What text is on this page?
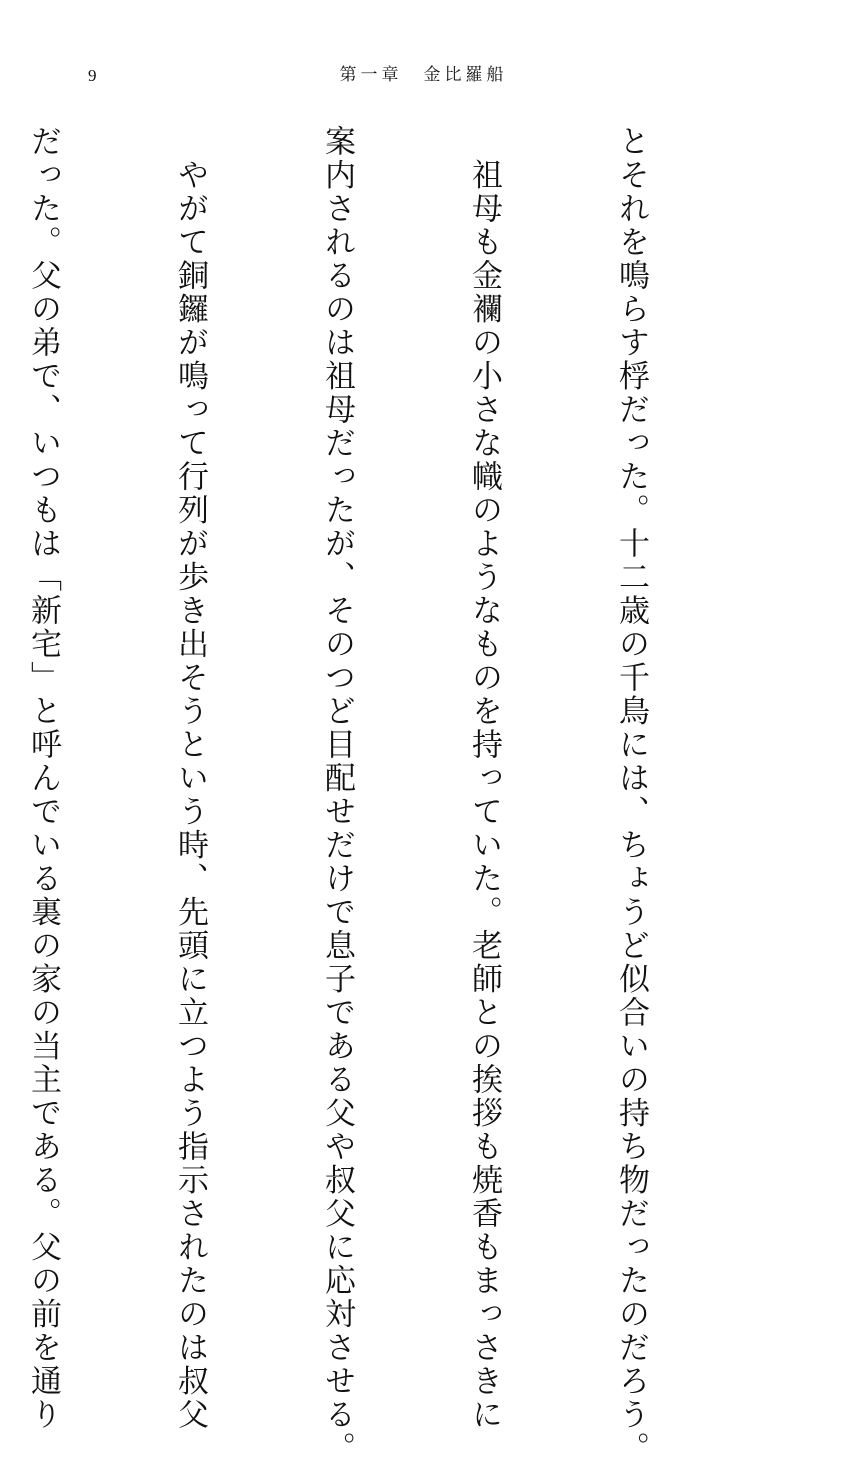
9	第一章　金比羅船

とそれを鳴らす桴だった。十二歳の千鳥には、ちょうど似合いの持ち物だったのだろう。

　祖母も金襴の小さな幟のようなものを持っていた。老師との挨拶も焼香もまっさきに

案内されるのは祖母だったが、そのつど目配せだけで息子である父や叔父に応対させる。

　やがて銅鑼が鳴って行列が歩き出そうという時、先頭に立つよう指示されたのは叔父

だった。父の弟で、いつもは「新宅」と呼んでいる裏の家の当主である。父の前を通り
